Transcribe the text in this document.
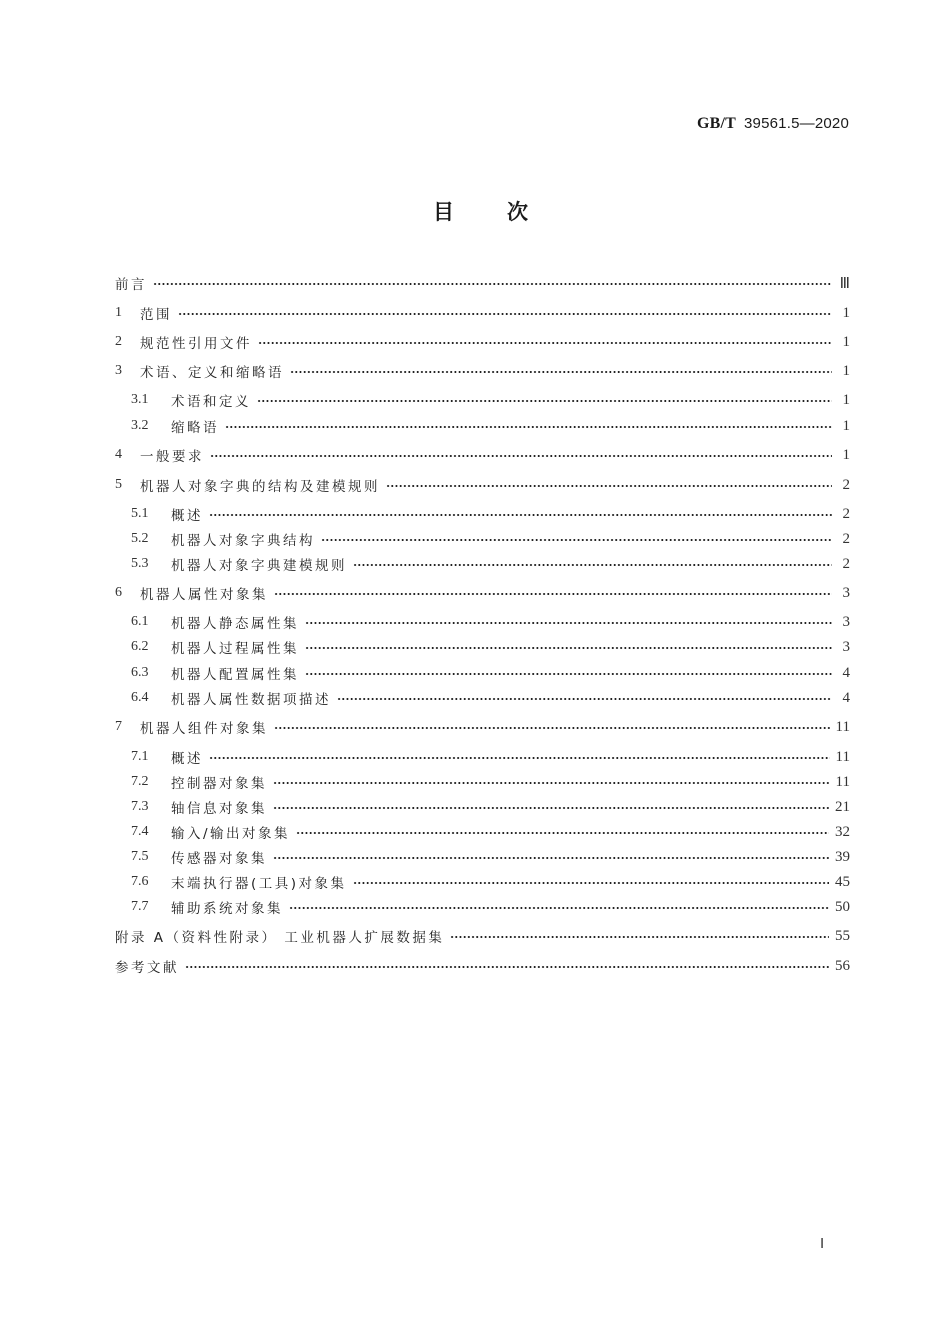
GB/T 39561.5—2020
目	次
前言	Ⅲ
1	范围	1
2	规范性引用文件	1
3	术语、定义和缩略语	1
3.1	术语和定义	1
3.2	缩略语	1
4	一般要求	1
5	机器人对象字典的结构及建模规则	2
5.1	概述	2
5.2	机器人对象字典结构	2
5.3	机器人对象字典建模规则	2
6	机器人属性对象集	3
6.1	机器人静态属性集	3
6.2	机器人过程属性集	3
6.3	机器人配置属性集	4
6.4	机器人属性数据项描述	4
7	机器人组件对象集	11
7.1	概述	11
7.2	控制器对象集	11
7.3	轴信息对象集	21
7.4	输入/输出对象集	32
7.5	传感器对象集	39
7.6	末端执行器(工具)对象集	45
7.7	辅助系统对象集	50
附录 A（资料性附录） 工业机器人扩展数据集	55
参考文献	56
Ⅰ
